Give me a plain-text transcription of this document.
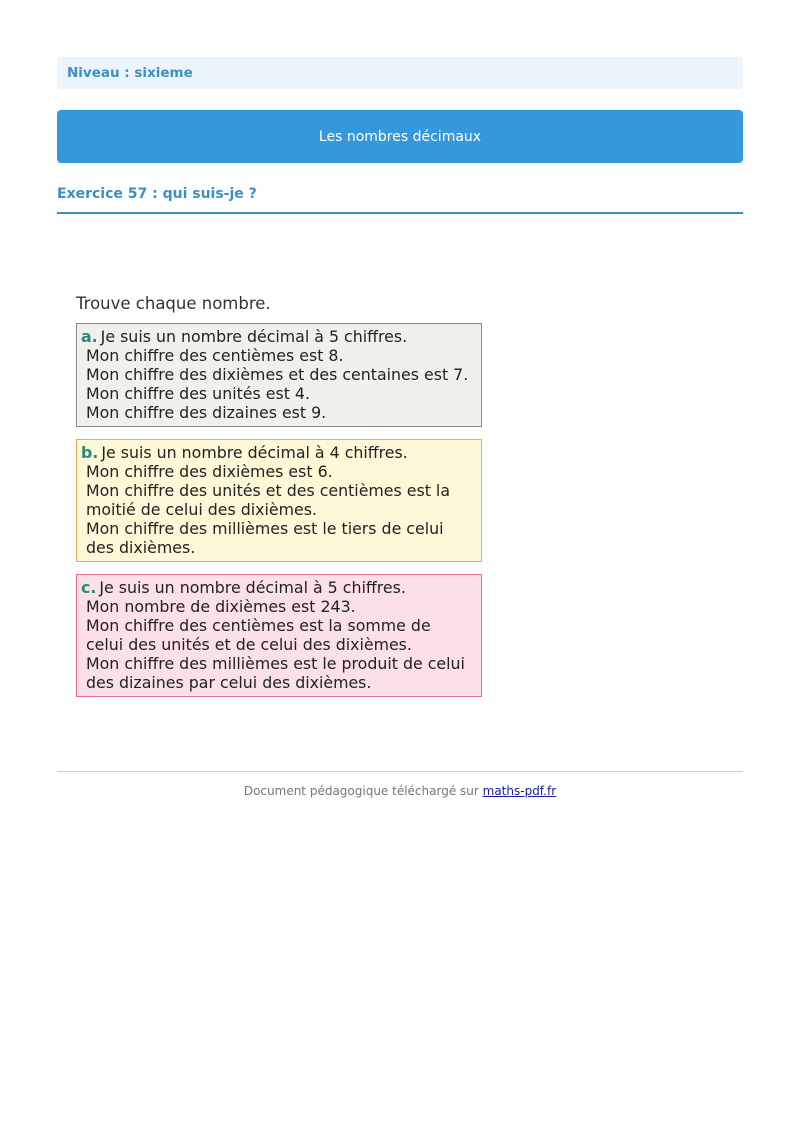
Niveau : sixieme
Les nombres décimaux
Exercice 57 : qui suis-je ?
Trouve chaque nombre.
a. Je suis un nombre décimal à 5 chiffres.
Mon chiffre des centièmes est 8.
Mon chiffre des dixièmes et des centaines est 7.
Mon chiffre des unités est 4.
Mon chiffre des dizaines est 9.
b. Je suis un nombre décimal à 4 chiffres.
Mon chiffre des dixièmes est 6.
Mon chiffre des unités et des centièmes est la
moitié de celui des dixièmes.
Mon chiffre des millièmes est le tiers de celui
des dixièmes.
c. Je suis un nombre décimal à 5 chiffres.
Mon nombre de dixièmes est 243.
Mon chiffre des centièmes est la somme de
celui des unités et de celui des dixièmes.
Mon chiffre des millièmes est le produit de celui
des dizaines par celui des dixièmes.
Document pédagogique téléchargé sur maths-pdf.fr
